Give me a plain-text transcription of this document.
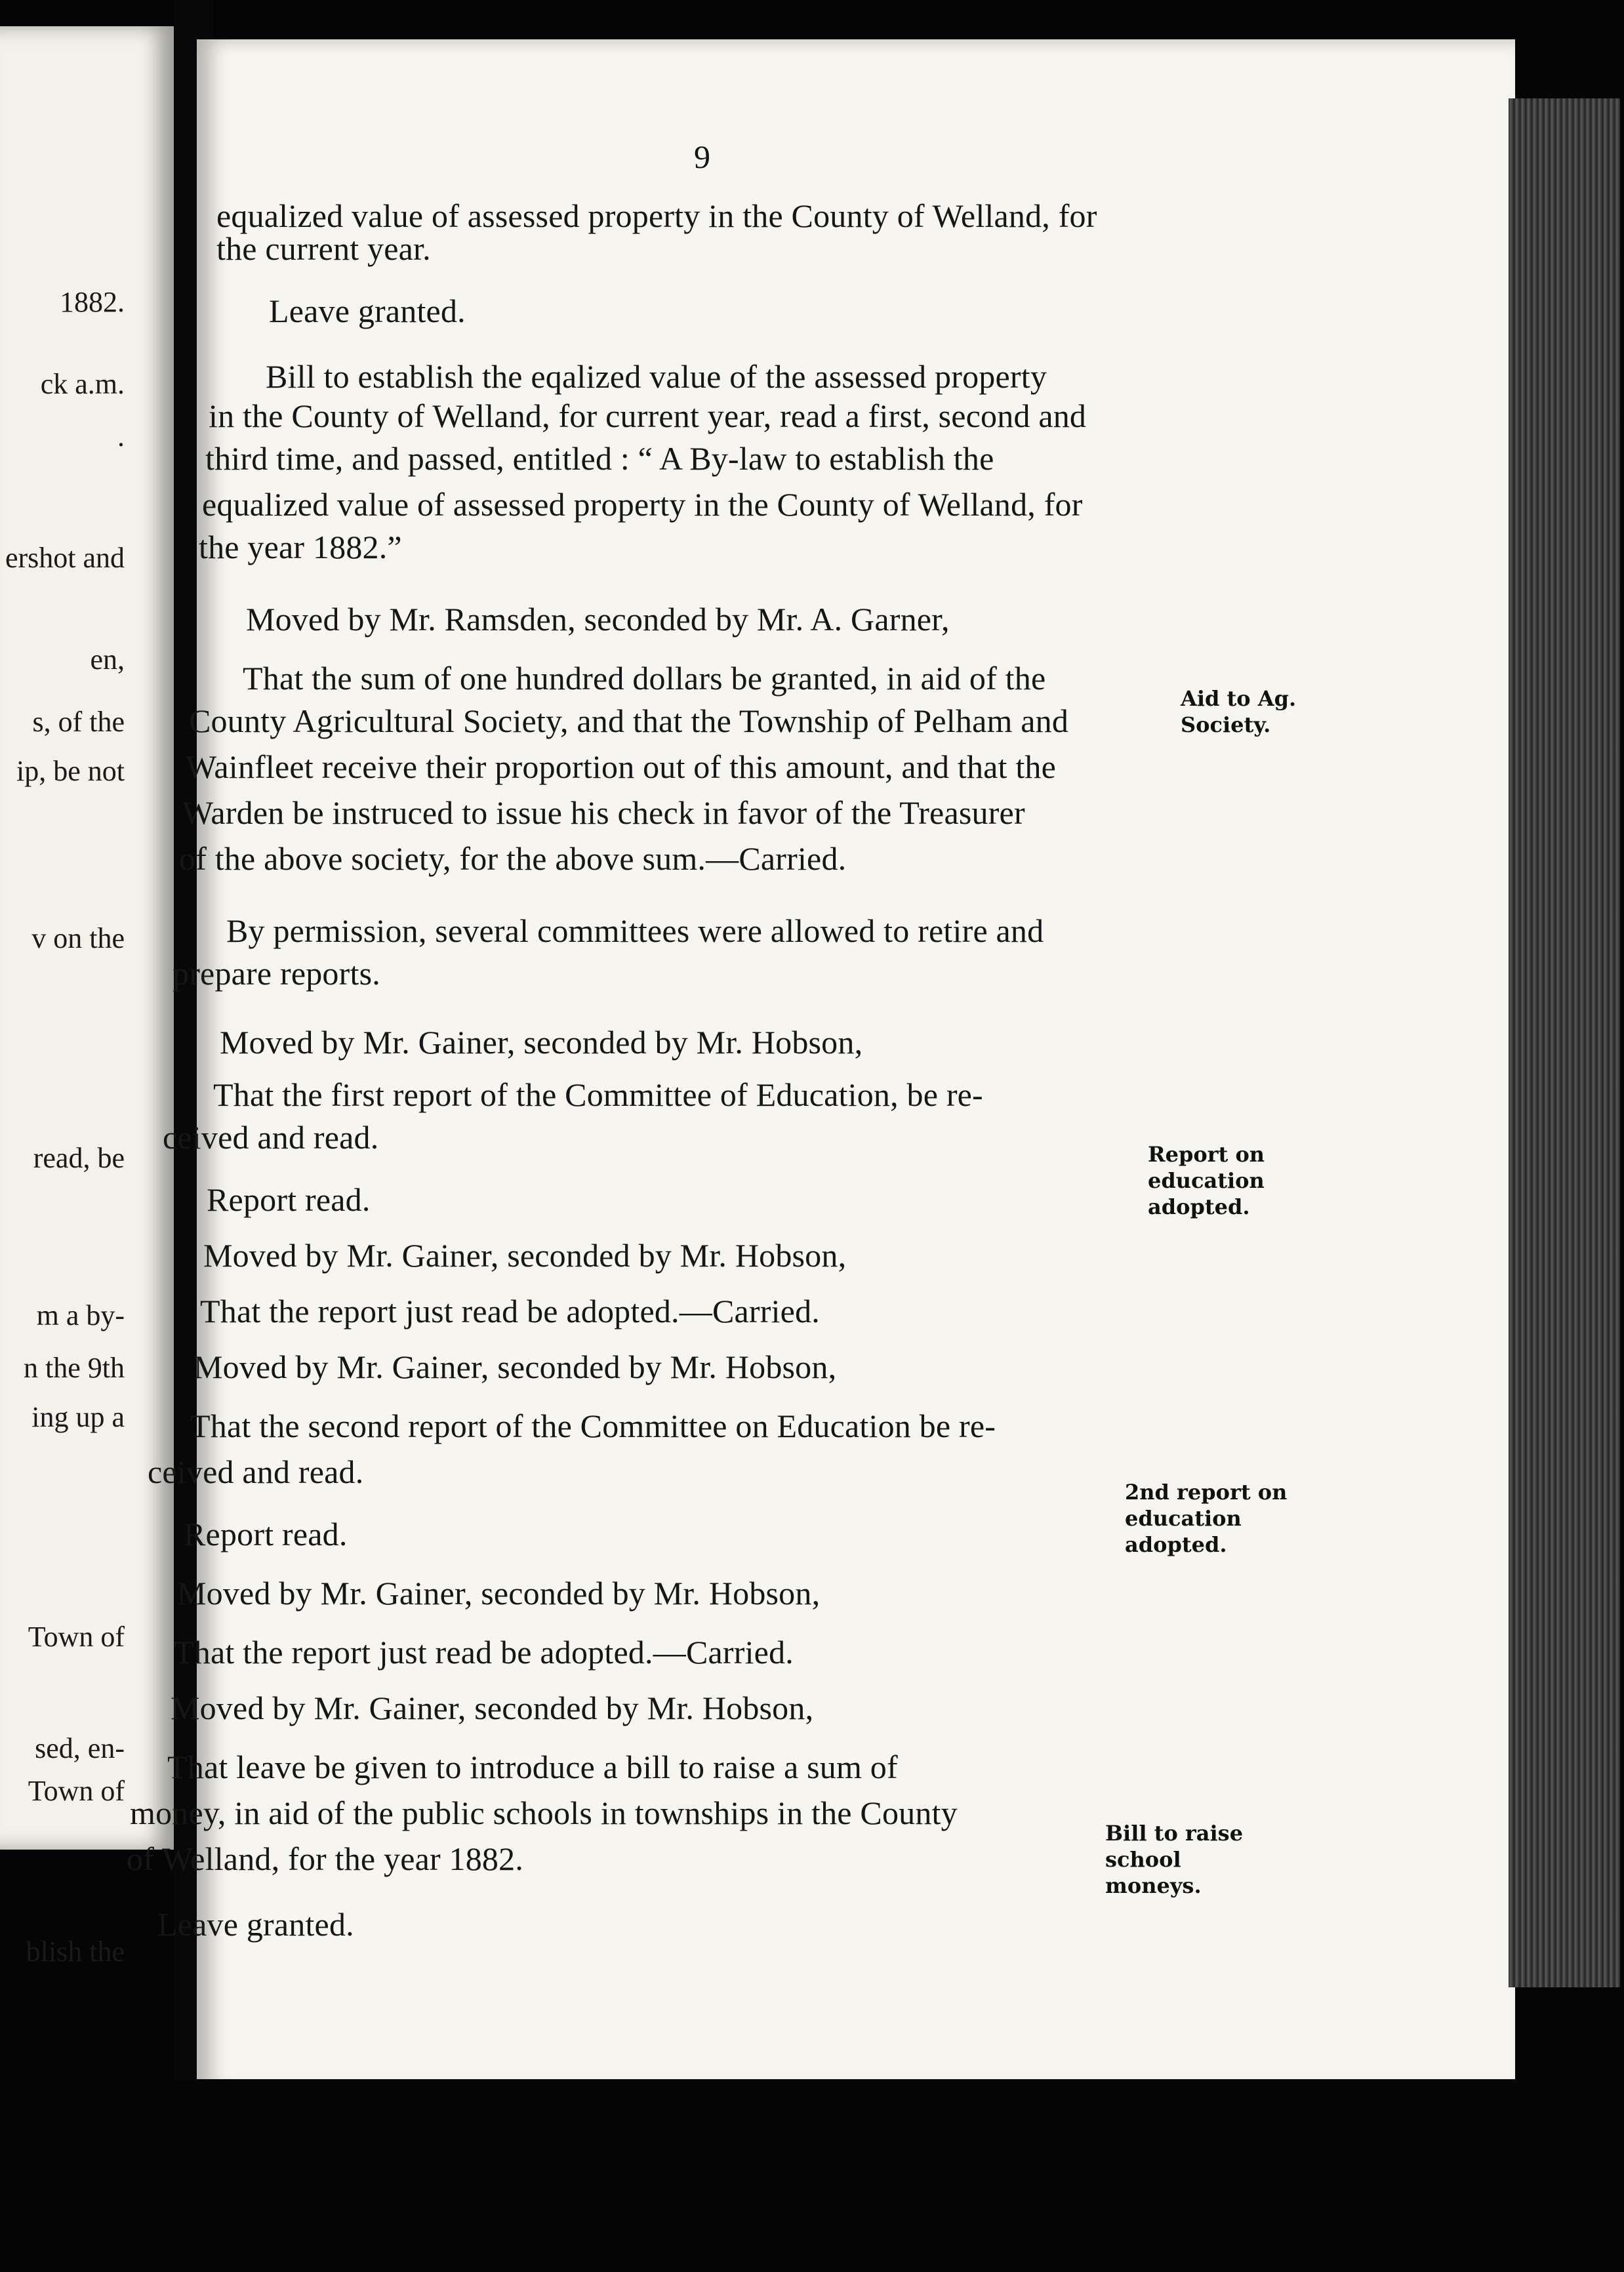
1882.
ck a.m.
.
ershot and
en,
s, of the
ip, be not
v on the
read, be
m a by-
n the 9th
ing up a
Town of
sed, en-
Town of
blish the
9
equalized value of assessed property in the County of Welland, for
the current year.
Leave granted.
Bill to establish the eqalized value of the assessed property
in the County of Welland, for current year, read a first, second and
third time, and passed, entitled : “ A By-law to establish the
equalized value of assessed property in the County of Welland, for
the year 1882.”
Moved by Mr. Ramsden, seconded by Mr. A. Garner,
That the sum of one hundred dollars be granted, in aid of the
County Agricultural Society, and that the Township of Pelham and
Wainfleet receive their proportion out of this amount, and that the
Warden be instruced to issue his check in favor of the Treasurer
of the above society, for the above sum.—Carried.
By permission, several committees were allowed to retire and
prepare reports.
Moved by Mr. Gainer, seconded by Mr. Hobson,
That the first report of the Committee of Education, be re-
ceived and read.
Report read.
Moved by Mr. Gainer, seconded by Mr. Hobson,
That the report just read be adopted.—Carried.
Moved by Mr. Gainer, seconded by Mr. Hobson,
That the second report of the Committee on Education be re-
ceived and read.
Report read.
Moved by Mr. Gainer, seconded by Mr. Hobson,
That the report just read be adopted.—Carried.
Moved by Mr. Gainer, seconded by Mr. Hobson,
That leave be given to introduce a bill to raise a sum of
money, in aid of the public schools in townships in the County
of Welland, for the year 1882.
Leave granted.
Aid to Ag.
Society.
Report on
education
adopted.
2nd report on
education
adopted.
Bill to raise
school
moneys.
